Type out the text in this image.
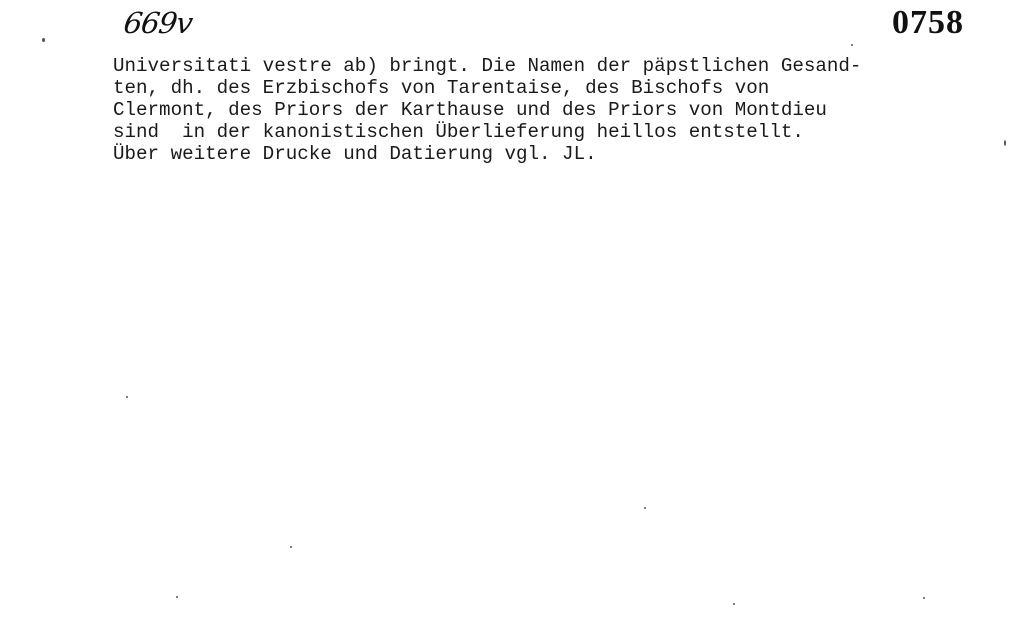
669v	0758
Universitati vestre ab) bringt. Die Namen der päpstlichen Gesand-
ten, dh. des Erzbischofs von Tarentaise, des Bischofs von
Clermont, des Priors der Karthause und des Priors von Montdieu
sind  in der kanonistischen Überlieferung heillos entstellt.
Über weitere Drucke und Datierung vgl. JL.
